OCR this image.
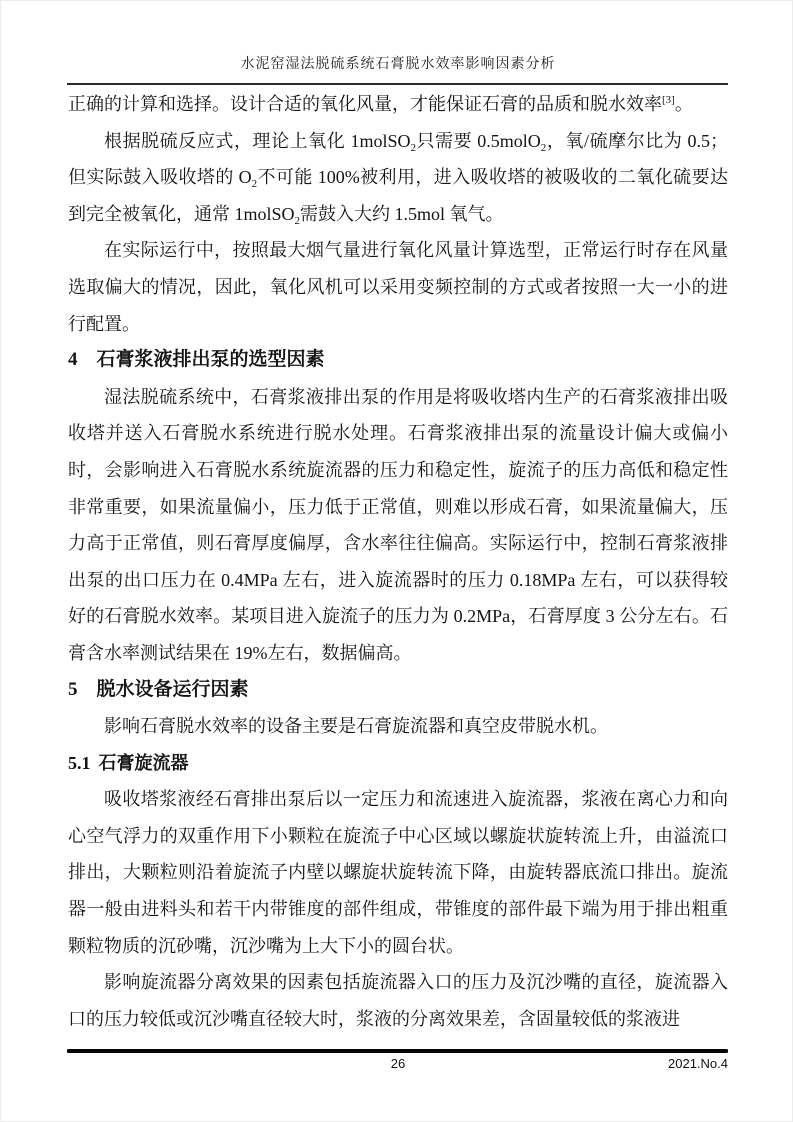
水泥窑湿法脱硫系统石膏脱水效率影响因素分析
正确的计算和选择。设计合适的氧化风量，才能保证石膏的品质和脱水效率[3]。
根据脱硫反应式，理论上氧化 1molSO$_2$只需要 0.5molO$_2$，氧/硫摩尔比为 0.5；但实际鼓入吸收塔的 $O_2$不可能 100%被利用，进入吸收塔的被吸收的二氧化硫要达到完全被氧化，通常 1molSO$_2$需鼓入大约 1.5mol 氧气。
在实际运行中，按照最大烟气量进行氧化风量计算选型，正常运行时存在风量选取偏大的情况，因此，氧化风机可以采用变频控制的方式或者按照一大一小的进行配置。
4 石膏浆液排出泵的选型因素
湿法脱硫系统中，石膏浆液排出泵的作用是将吸收塔内生产的石膏浆液排出吸收塔并送入石膏脱水系统进行脱水处理。石膏浆液排出泵的流量设计偏大或偏小时，会影响进入石膏脱水系统旋流器的压力和稳定性，旋流子的压力高低和稳定性非常重要，如果流量偏小，压力低于正常值，则难以形成石膏，如果流量偏大，压力高于正常值，则石膏厚度偏厚，含水率往往偏高。实际运行中，控制石膏浆液排出泵的出口压力在 0.4MPa 左右，进入旋流器时的压力 0.18MPa 左右，可以获得较好的石膏脱水效率。某项目进入旋流子的压力为 0.2MPa，石膏厚度 3 公分左右。石膏含水率测试结果在 19%左右，数据偏高。
5 脱水设备运行因素
影响石膏脱水效率的设备主要是石膏旋流器和真空皮带脱水机。
5.1 石膏旋流器
吸收塔浆液经石膏排出泵后以一定压力和流速进入旋流器，浆液在离心力和向心空气浮力的双重作用下小颗粒在旋流子中心区域以螺旋状旋转流上升，由溢流口排出，大颗粒则沿着旋流子内壁以螺旋状旋转流下降，由旋转器底流口排出。旋流器一般由进料头和若干内带锥度的部件组成，带锥度的部件最下端为用于排出粗重颗粒物质的沉砂嘴，沉沙嘴为上大下小的圆台状。
影响旋流器分离效果的因素包括旋流器入口的压力及沉沙嘴的直径，旋流器入口的压力较低或沉沙嘴直径较大时，浆液的分离效果差，含固量较低的浆液进
26	2021.No.4
